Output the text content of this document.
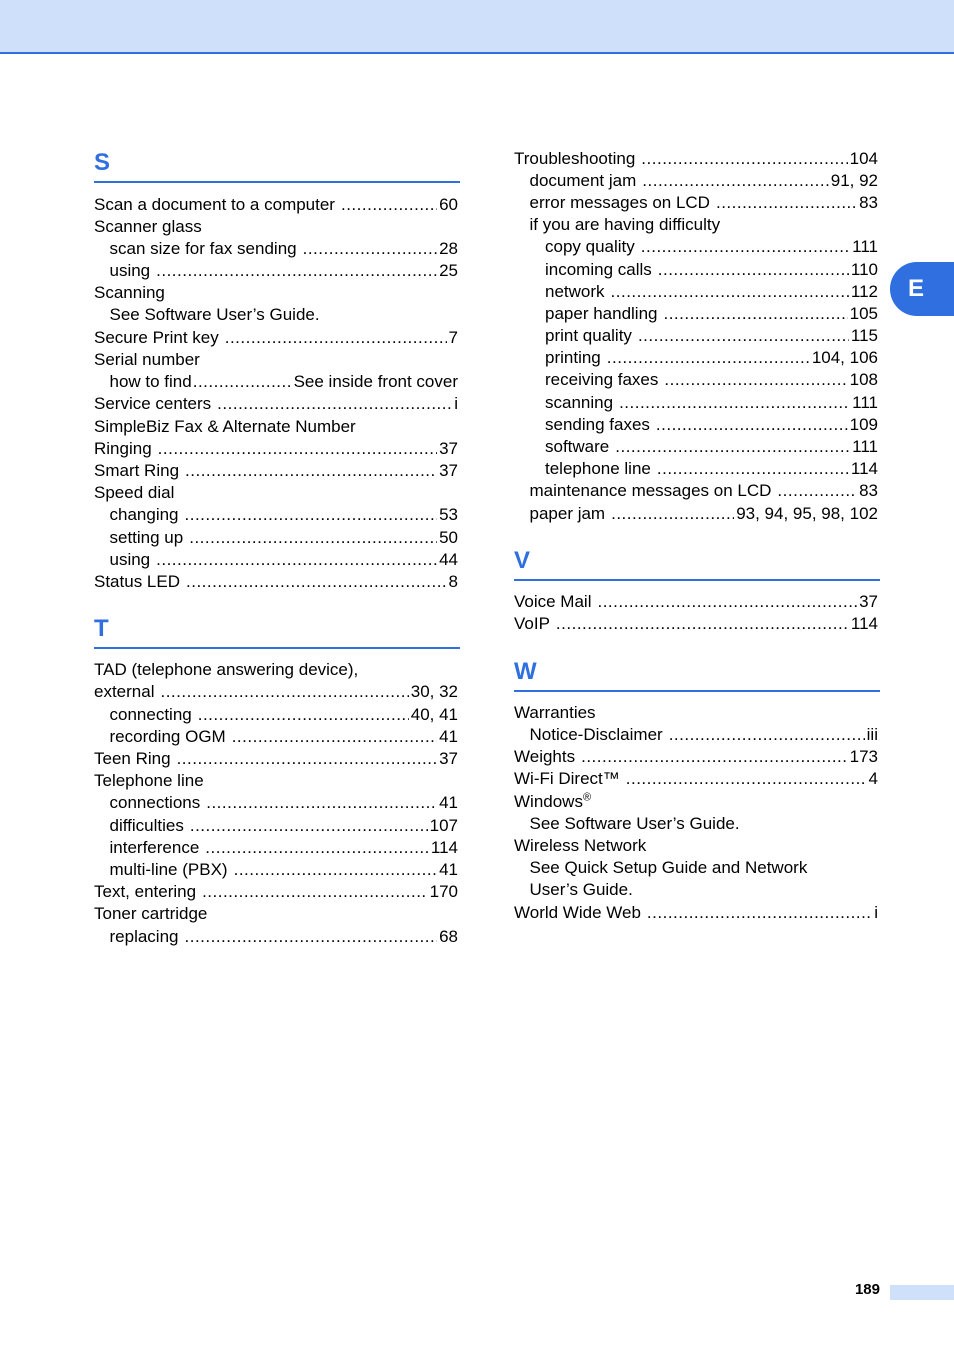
E
S
Scan a document to a computer .....	60
Scanner glass
scan size for fax sending .....	28
using .....	25
Scanning
See Software User’s Guide.
Secure Print key .....	7
Serial number
how to find .....	See inside front cover
Service centers .....	i
SimpleBiz Fax & Alternate Number
Ringing .....	37
Smart Ring .....	37
Speed dial
changing .....	53
setting up .....	50
using .....	44
Status LED .....	8
T
TAD (telephone answering device),
external .....	30, 32
connecting .....	40, 41
recording OGM .....	41
Teen Ring .....	37
Telephone line
connections .....	41
difficulties .....	107
interference .....	114
multi-line (PBX) .....	41
Text, entering .....	170
Toner cartridge
replacing .....	68
Troubleshooting .....	104
document jam .....	91, 92
error messages on LCD .....	83
if you are having difficulty
copy quality .....	111
incoming calls .....	110
network .....	112
paper handling .....	105
print quality .....	115
printing .....	104, 106
receiving faxes .....	108
scanning .....	111
sending faxes .....	109
software .....	111
telephone line .....	114
maintenance messages on LCD .....	83
paper jam .....	93, 94, 95, 98, 102
V
Voice Mail .....	37
VoIP .....	114
W
Warranties
Notice-Disclaimer .....	iii
Weights .....	173
Wi-Fi Direct™ .....	4
Windows®
See Software User’s Guide.
Wireless Network
See Quick Setup Guide and Network
User’s Guide.
World Wide Web .....	i
189
